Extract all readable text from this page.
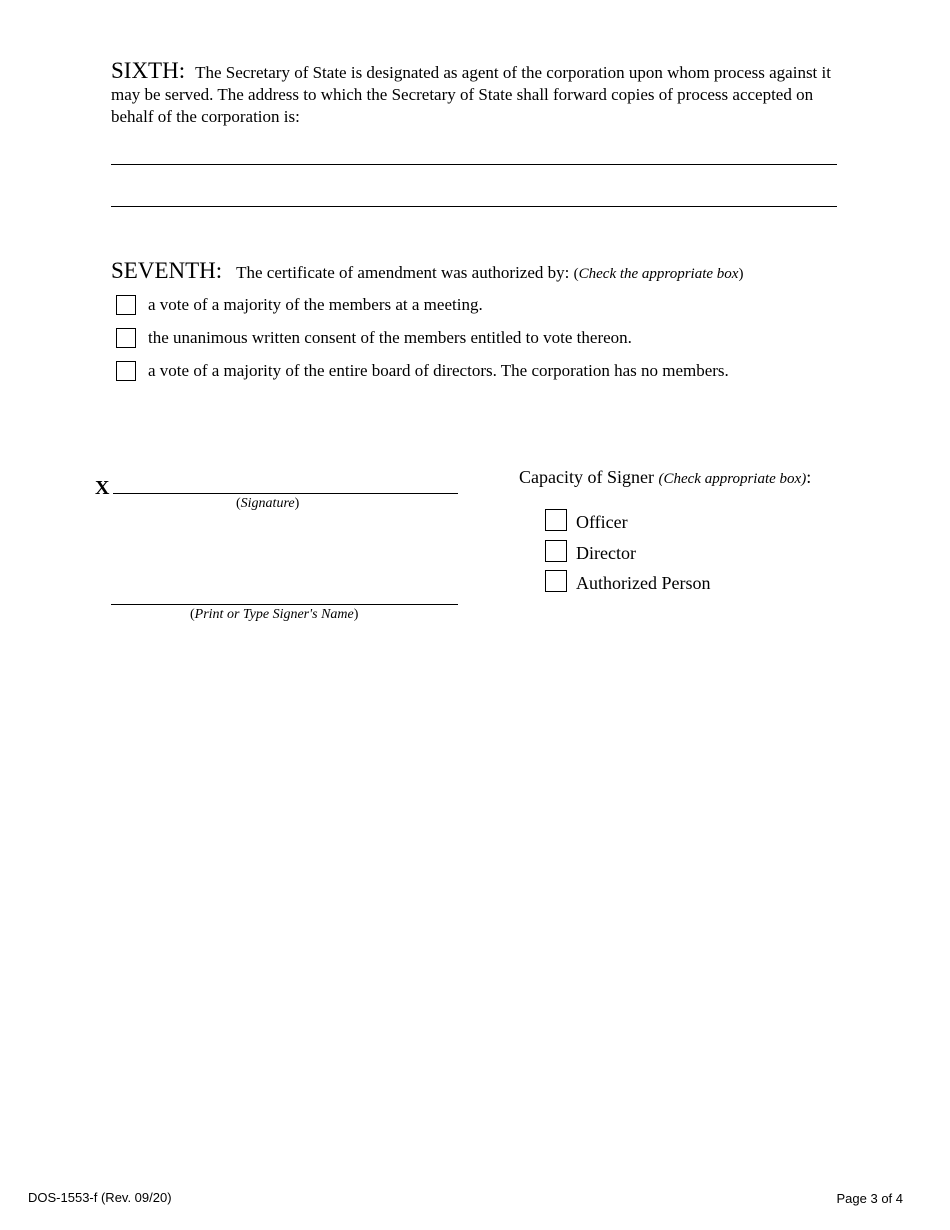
SIXTH: The Secretary of State is designated as agent of the corporation upon whom process against it may be served. The address to which the Secretary of State shall forward copies of process accepted on behalf of the corporation is:
SEVENTH: The certificate of amendment was authorized by: (Check the appropriate box)
a vote of a majority of the members at a meeting.
the unanimous written consent of the members entitled to vote thereon.
a vote of a majority of the entire board of directors. The corporation has no members.
X
(Signature)
(Print or Type Signer's Name)
Capacity of Signer (Check appropriate box):
Officer
Director
Authorized Person
DOS-1553-f (Rev. 09/20)	Page 3 of 4
